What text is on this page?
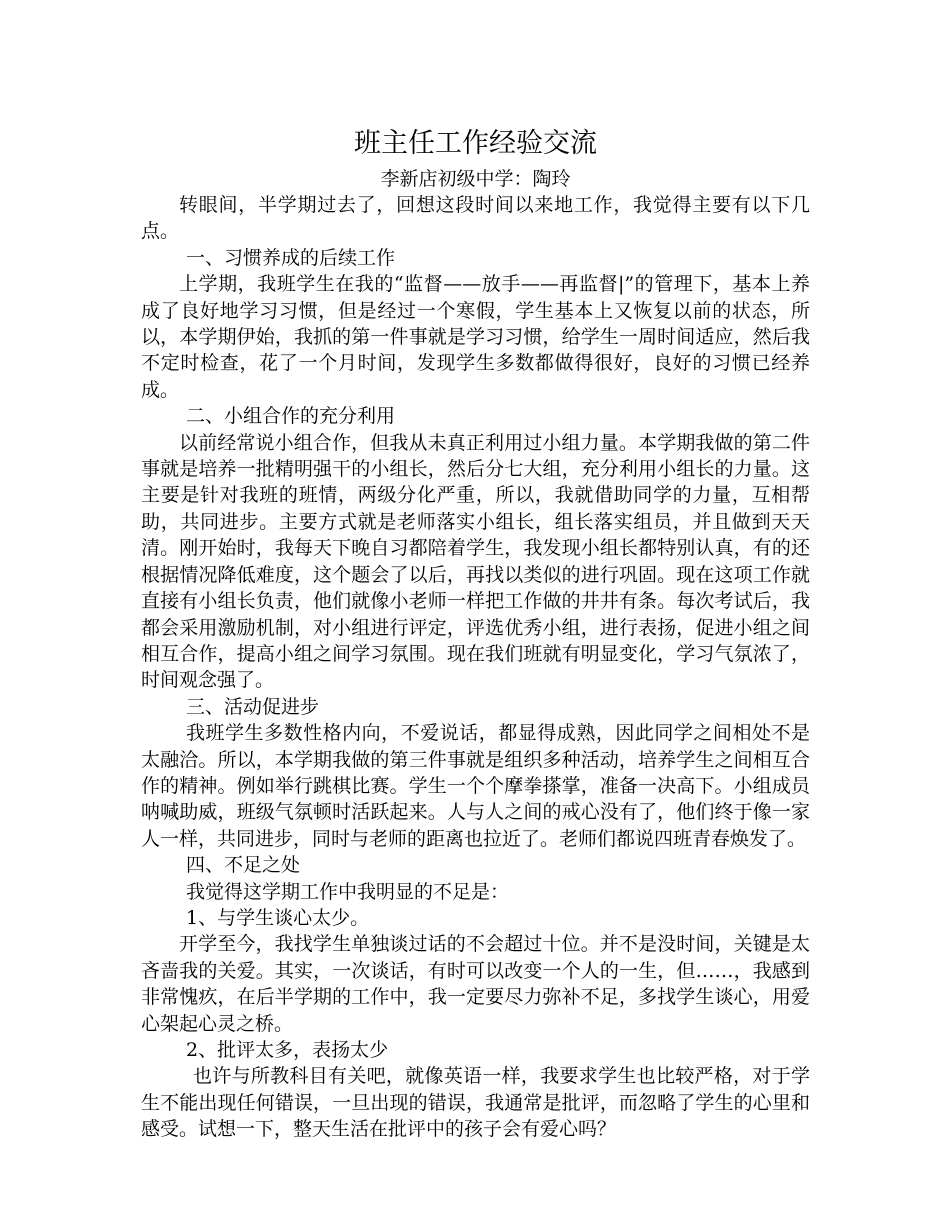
班主任工作经验交流
李新店初级中学：陶玲

转眼间，半学期过去了，回想这段时间以来地工作，我觉得主要有以下几点。

一、习惯养成的后续工作

上学期，我班学生在我的“监督——放手——再监督|”的管理下，基本上养成了良好地学习习惯，但是经过一个寒假，学生基本上又恢复以前的状态，所以，本学期伊始，我抓的第一件事就是学习习惯，给学生一周时间适应，然后我不定时检查，花了一个月时间，发现学生多数都做得很好，良好的习惯已经养成。

二、小组合作的充分利用

以前经常说小组合作，但我从未真正利用过小组力量。本学期我做的第二件事就是培养一批精明强干的小组长，然后分七大组，充分利用小组长的力量。这主要是针对我班的班情，两级分化严重，所以，我就借助同学的力量，互相帮助，共同进步。主要方式就是老师落实小组长，组长落实组员，并且做到天天清。刚开始时，我每天下晚自习都陪着学生，我发现小组长都特别认真，有的还根据情况降低难度，这个题会了以后，再找以类似的进行巩固。现在这项工作就直接有小组长负责，他们就像小老师一样把工作做的井井有条。每次考试后，我都会采用激励机制，对小组进行评定，评选优秀小组，进行表扬，促进小组之间相互合作，提高小组之间学习氛围。现在我们班就有明显变化，学习气氛浓了，时间观念强了。

三、活动促进步

我班学生多数性格内向，不爱说话，都显得成熟，因此同学之间相处不是太融洽。所以，本学期我做的第三件事就是组织多种活动，培养学生之间相互合作的精神。例如举行跳棋比赛。学生一个个摩拳搽掌，准备一决高下。小组成员呐喊助威，班级气氛顿时活跃起来。人与人之间的戒心没有了，他们终于像一家人一样，共同进步，同时与老师的距离也拉近了。老师们都说四班青春焕发了。

四、不足之处

我觉得这学期工作中我明显的不足是：

1、与学生谈心太少。

开学至今，我找学生单独谈过话的不会超过十位。并不是没时间，关键是太吝啬我的关爱。其实，一次谈话，有时可以改变一个人的一生，但……，我感到非常愧疚，在后半学期的工作中，我一定要尽力弥补不足，多找学生谈心，用爱心架起心灵之桥。

2、批评太多，表扬太少

也许与所教科目有关吧，就像英语一样，我要求学生也比较严格，对于学生不能出现任何错误，一旦出现的错误，我通常是批评，而忽略了学生的心里和感受。试想一下，整天生活在批评中的孩子会有爱心吗？
